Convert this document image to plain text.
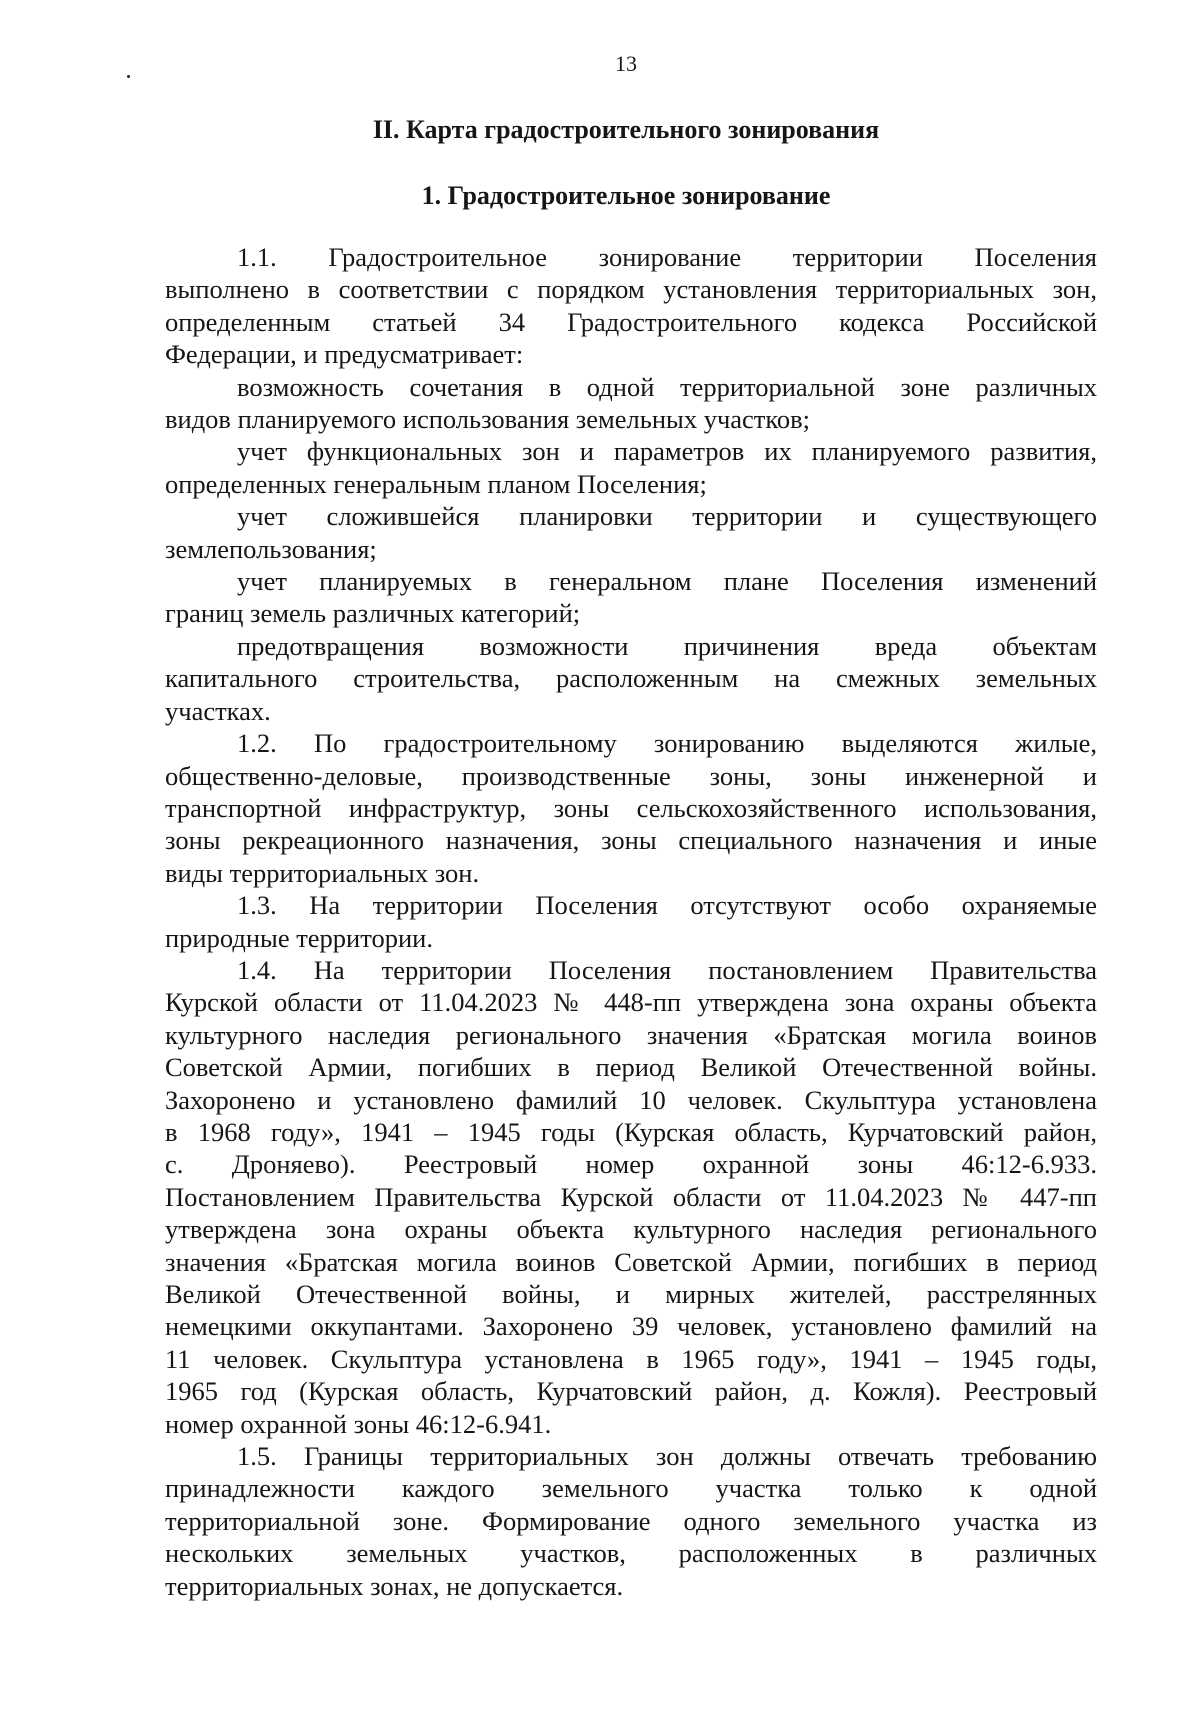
13
II. Карта градостроительного зонирования
1. Градостроительное зонирование
1.1. Градостроительное зонирование территории Поселения
выполнено в соответствии с порядком установления территориальных зон,
определенным статьей 34 Градостроительного кодекса Российской
Федерации, и предусматривает:
возможность сочетания в одной территориальной зоне различных
видов планируемого использования земельных участков;
учет функциональных зон и параметров их планируемого развития,
определенных генеральным планом Поселения;
учет сложившейся планировки территории и существующего
землепользования;
учет планируемых в генеральном плане Поселения изменений
границ земель различных категорий;
предотвращения возможности причинения вреда объектам
капитального строительства, расположенным на смежных земельных
участках.
1.2. По градостроительному зонированию выделяются жилые,
общественно-деловые, производственные зоны, зоны инженерной и
транспортной инфраструктур, зоны сельскохозяйственного использования,
зоны рекреационного назначения, зоны специального назначения и иные
виды территориальных зон.
1.3. На территории Поселения отсутствуют особо охраняемые
природные территории.
1.4. На территории Поселения постановлением Правительства
Курской области от 11.04.2023 № 448-пп утверждена зона охраны объекта
культурного наследия регионального значения «Братская могила воинов
Советской Армии, погибших в период Великой Отечественной войны.
Захоронено и установлено фамилий 10 человек. Скульптура установлена
в 1968 году», 1941 – 1945 годы (Курская область, Курчатовский район,
с. Дроняево). Реестровый номер охранной зоны 46:12-6.933.
Постановлением Правительства Курской области от 11.04.2023 № 447-пп
утверждена зона охраны объекта культурного наследия регионального
значения «Братская могила воинов Советской Армии, погибших в период
Великой Отечественной войны, и мирных жителей, расстрелянных
немецкими оккупантами. Захоронено 39 человек, установлено фамилий на
11 человек. Скульптура установлена в 1965 году», 1941 – 1945 годы,
1965 год (Курская область, Курчатовский район, д. Кожля). Реестровый
номер охранной зоны 46:12-6.941.
1.5. Границы территориальных зон должны отвечать требованию
принадлежности каждого земельного участка только к одной
территориальной зоне. Формирование одного земельного участка из
нескольких земельных участков, расположенных в различных
территориальных зонах, не допускается.
